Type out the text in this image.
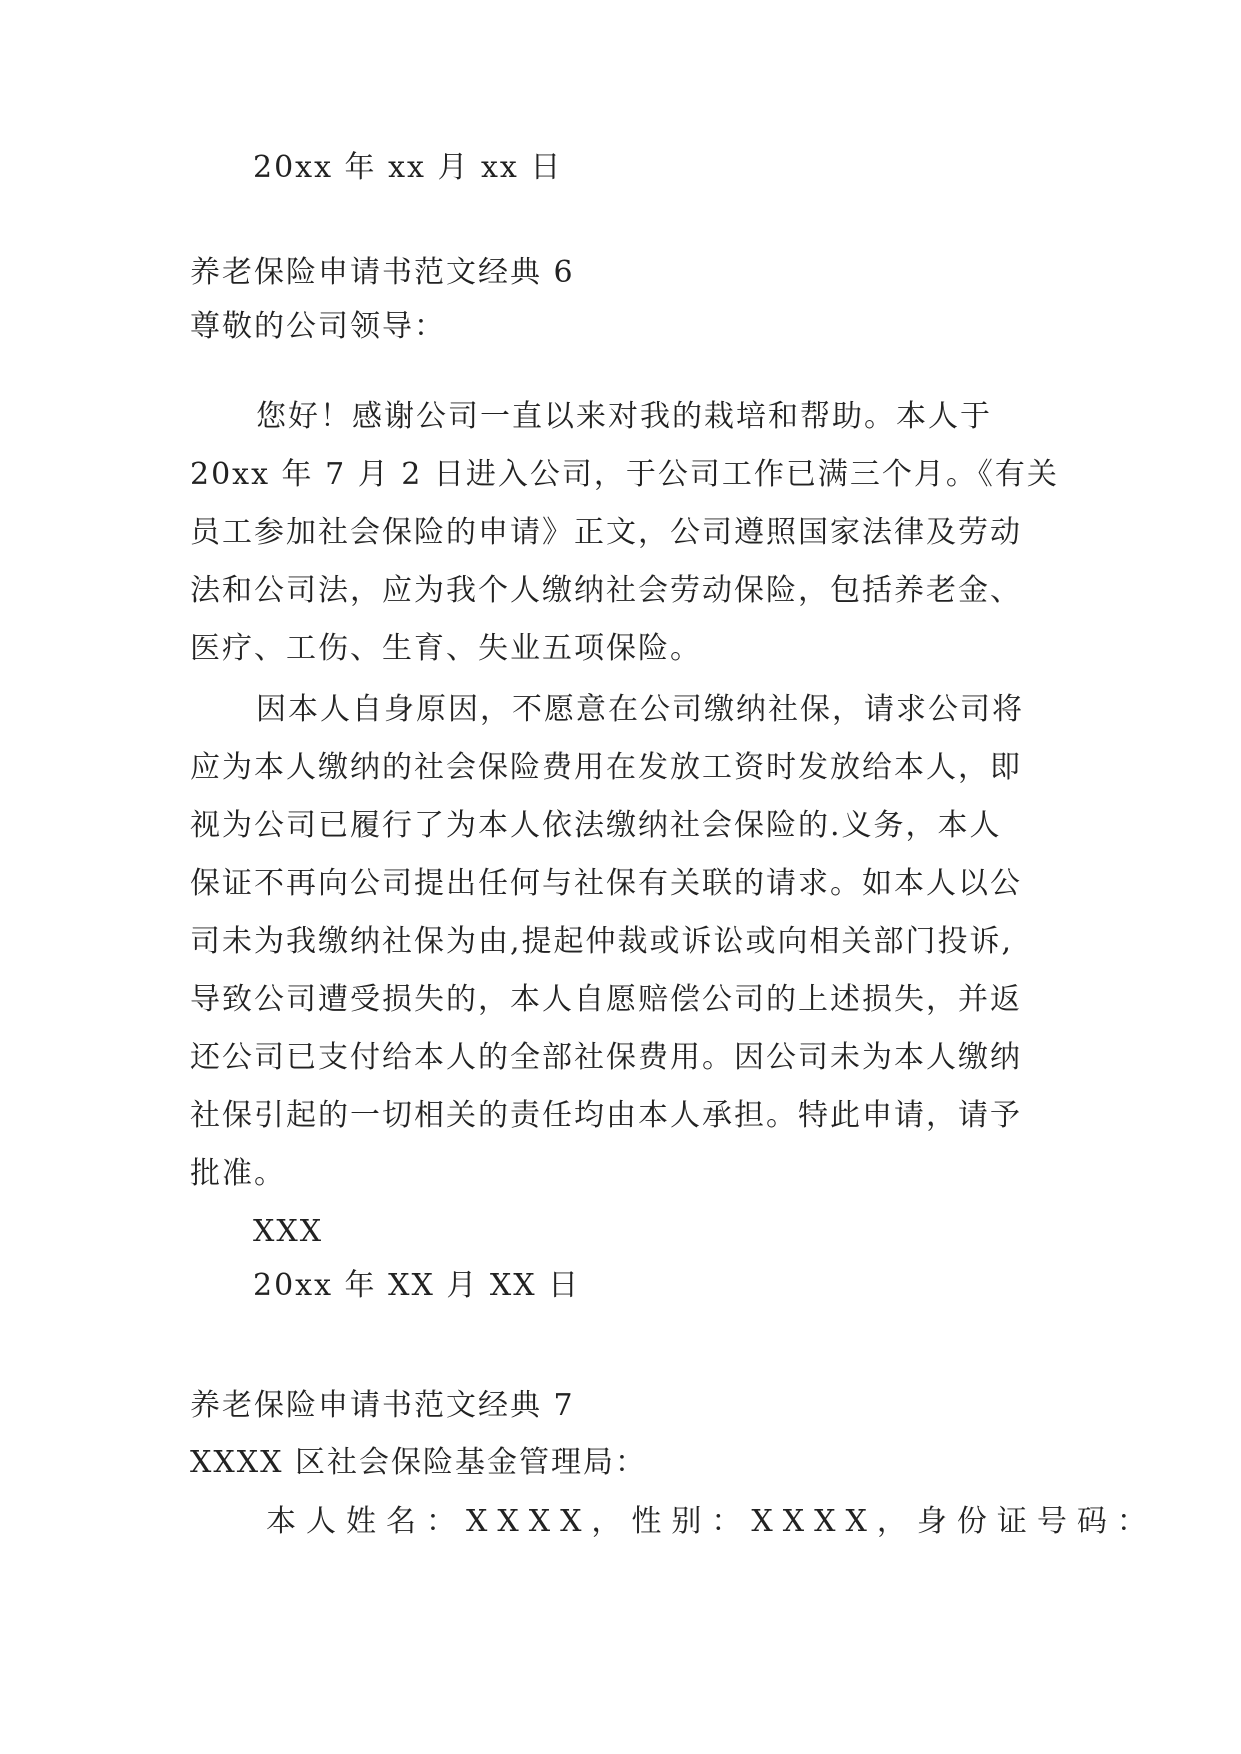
20xx 年 xx 月 xx 日

养老保险申请书范文经典 6

尊敬的公司领导：

您好！感谢公司一直以来对我的栽培和帮助。本人于

20xx 年 7 月 2 日进入公司，于公司工作已满三个月。《有关

员工参加社会保险的申请》正文，公司遵照国家法律及劳动

法和公司法，应为我个人缴纳社会劳动保险，包括养老金、

医疗、工伤、生育、失业五项保险。

因本人自身原因，不愿意在公司缴纳社保，请求公司将

应为本人缴纳的社会保险费用在发放工资时发放给本人，即

视为公司已履行了为本人依法缴纳社会保险的.义务，本人

保证不再向公司提出任何与社保有关联的请求。如本人以公

司未为我缴纳社保为由,提起仲裁或诉讼或向相关部门投诉,

导致公司遭受损失的，本人自愿赔偿公司的上述损失，并返

还公司已支付给本人的全部社保费用。因公司未为本人缴纳

社保引起的一切相关的责任均由本人承担。特此申请，请予

批准。

XXX

20xx 年 XX 月 XX 日

养老保险申请书范文经典 7

XXXX 区社会保险基金管理局：

本人姓名：XXXX，性别：XXXX，身份证号码：
